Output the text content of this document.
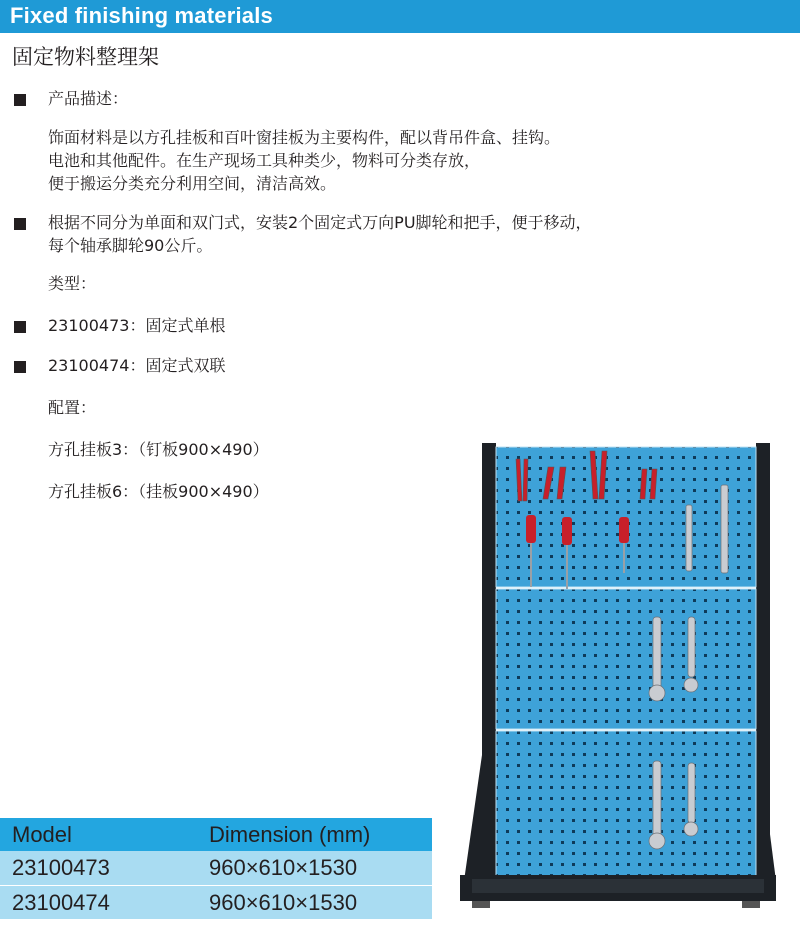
Fixed finishing materials
固定物料整理架
产品描述：
饰面材料是以方孔挂板和百叶窗挂板为主要构件，配以背吊件盒、挂钩。
电池和其他配件。在生产现场工具种类少，物料可分类存放，
便于搬运分类充分利用空间，清洁高效。
根据不同分为单面和双门式，安装2个固定式万向PU脚轮和把手，便于移动，
每个轴承脚轮90公斤。
类型：
23100473：固定式单根
23100474：固定式双联
配置：
方孔挂板3：（钉板900×490）
方孔挂板6：（挂板900×490）
Model	Dimension (mm)
23100473	960×610×1530
23100474	960×610×1530
